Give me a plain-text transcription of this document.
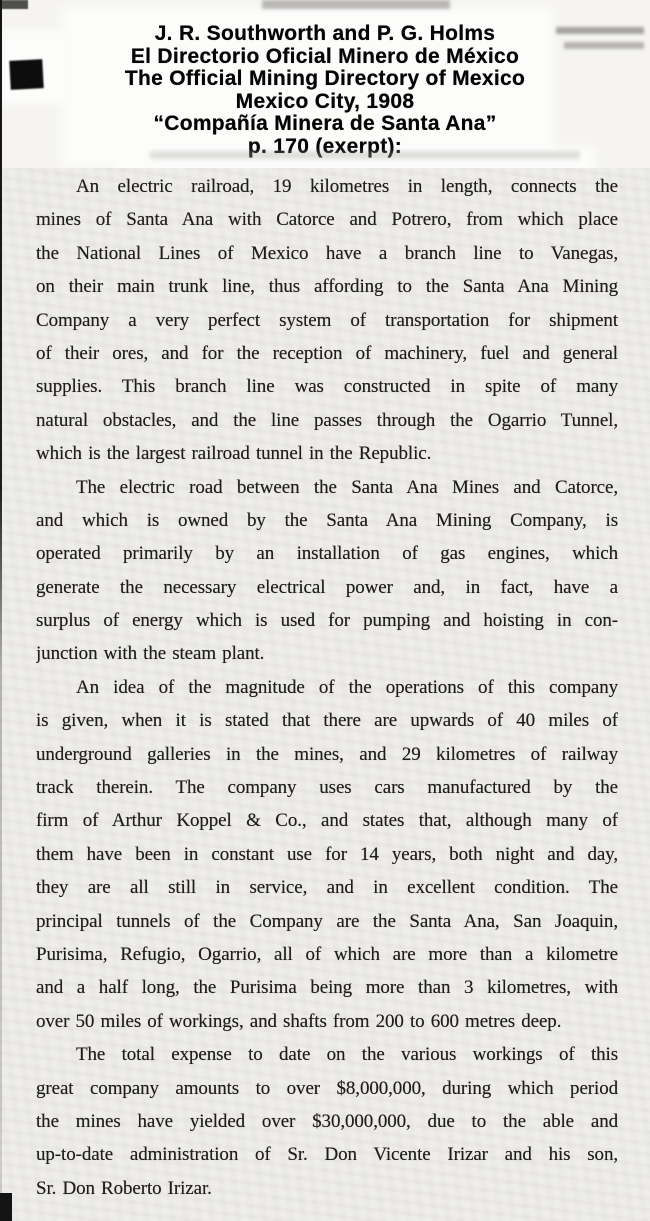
J. R. Southworth and P. G. Holms
El Directorio Oficial Minero de México
The Official Mining Directory of Mexico
Mexico City, 1908
“Compañía Minera de Santa Ana”
p. 170 (exerpt):
An electric railroad, 19 kilometres in length, connects the
mines of Santa Ana with Catorce and Potrero, from which place
the National Lines of Mexico have a branch line to Vanegas,
on their main trunk line, thus affording to the Santa Ana Mining
Company a very perfect system of transportation for shipment
of their ores, and for the reception of machinery, fuel and general
supplies. This branch line was constructed in spite of many
natural obstacles, and the line passes through the Ogarrio Tunnel,
which is the largest railroad tunnel in the Republic.
The electric road between the Santa Ana Mines and Catorce,
and which is owned by the Santa Ana Mining Company, is
operated primarily by an installation of gas engines, which
generate the necessary electrical power and, in fact, have a
surplus of energy which is used for pumping and hoisting in con-
junction with the steam plant.
An idea of the magnitude of the operations of this company
is given, when it is stated that there are upwards of 40 miles of
underground galleries in the mines, and 29 kilometres of railway
track therein. The company uses cars manufactured by the
firm of Arthur Koppel & Co., and states that, although many of
them have been in constant use for 14 years, both night and day,
they are all still in service, and in excellent condition. The
principal tunnels of the Company are the Santa Ana, San Joaquin,
Purisima, Refugio, Ogarrio, all of which are more than a kilometre
and a half long, the Purisima being more than 3 kilometres, with
over 50 miles of workings, and shafts from 200 to 600 metres deep.
The total expense to date on the various workings of this
great company amounts to over $8,000,000, during which period
the mines have yielded over $30,000,000, due to the able and
up-to-date administration of Sr. Don Vicente Irizar and his son,
Sr. Don Roberto Irizar.
